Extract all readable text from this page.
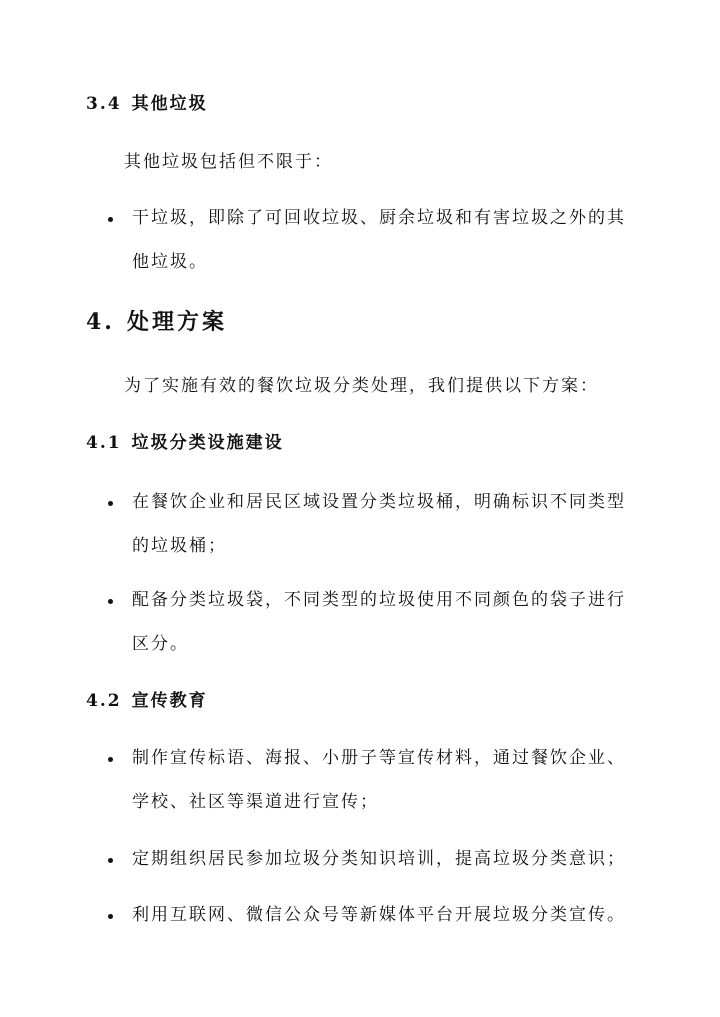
3.4 其他垃圾
其他垃圾包括但不限于：
干垃圾，即除了可回收垃圾、厨余垃圾和有害垃圾之外的其
他垃圾。
4. 处理方案
为了实施有效的餐饮垃圾分类处理，我们提供以下方案：
4.1 垃圾分类设施建设
在餐饮企业和居民区域设置分类垃圾桶，明确标识不同类型
的垃圾桶；
配备分类垃圾袋，不同类型的垃圾使用不同颜色的袋子进行
区分。
4.2 宣传教育
制作宣传标语、海报、小册子等宣传材料，通过餐饮企业、
学校、社区等渠道进行宣传；
定期组织居民参加垃圾分类知识培训，提高垃圾分类意识；
利用互联网、微信公众号等新媒体平台开展垃圾分类宣传。
